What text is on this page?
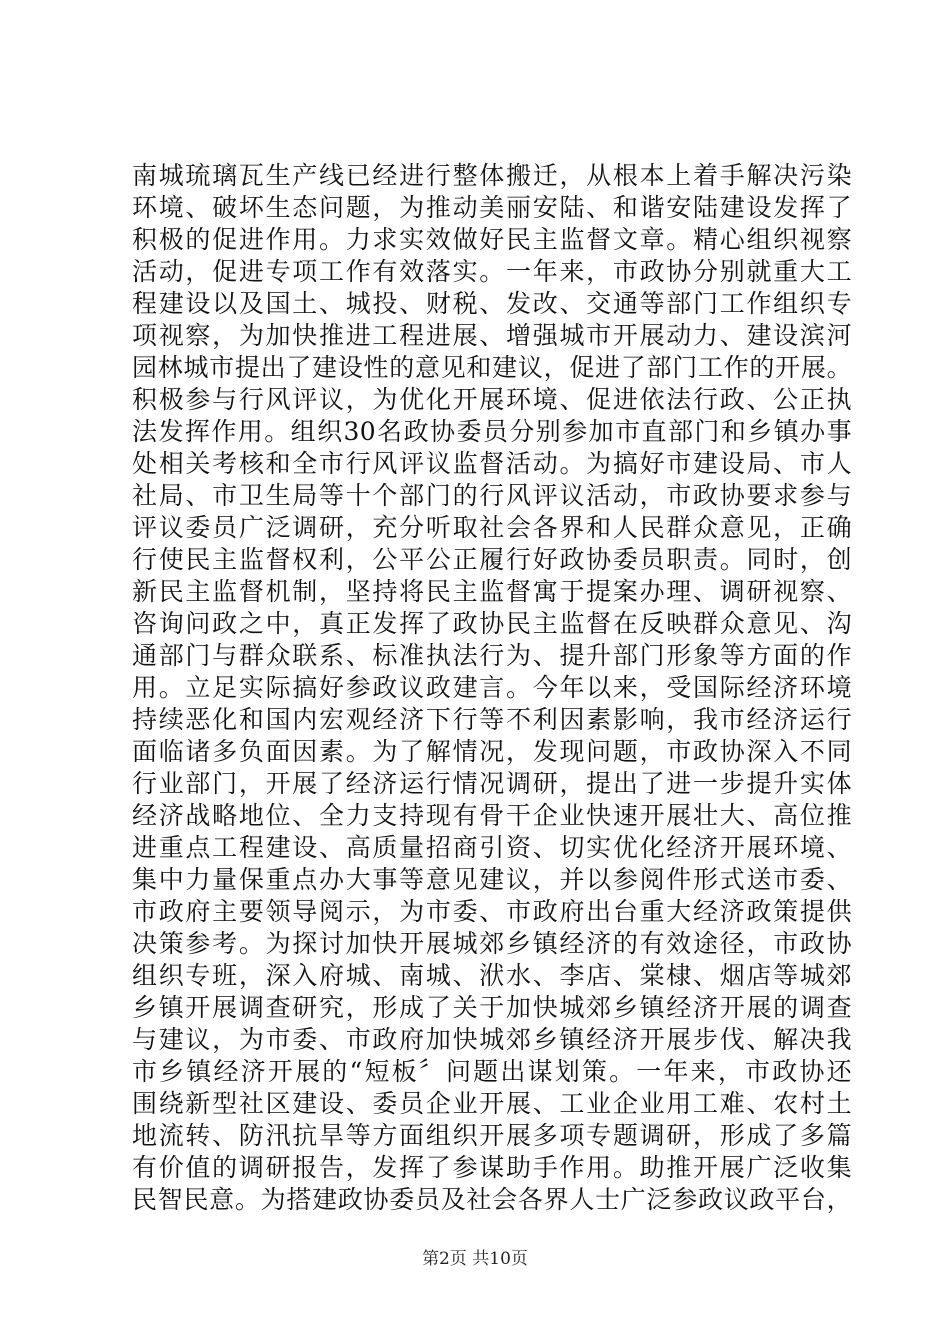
南城琉璃瓦生产线已经进行整体搬迁，从根本上着手解决污染
环境、破坏生态问题，为推动美丽安陆、和谐安陆建设发挥了
积极的促进作用。力求实效做好民主监督文章。精心组织视察
活动，促进专项工作有效落实。一年来，市政协分别就重大工
程建设以及国土、城投、财税、发改、交通等部门工作组织专
项视察，为加快推进工程进展、增强城市开展动力、建设滨河
园林城市提出了建设性的意见和建议，促进了部门工作的开展。
积极参与行风评议，为优化开展环境、促进依法行政、公正执
法发挥作用。组织30名政协委员分别参加市直部门和乡镇办事
处相关考核和全市行风评议监督活动。为搞好市建设局、市人
社局、市卫生局等十个部门的行风评议活动，市政协要求参与
评议委员广泛调研，充分听取社会各界和人民群众意见，正确
行使民主监督权利，公平公正履行好政协委员职责。同时，创
新民主监督机制，坚持将民主监督寓于提案办理、调研视察、
咨询问政之中，真正发挥了政协民主监督在反映群众意见、沟
通部门与群众联系、标准执法行为、提升部门形象等方面的作
用。立足实际搞好参政议政建言。今年以来，受国际经济环境
持续恶化和国内宏观经济下行等不利因素影响，我市经济运行
面临诸多负面因素。为了解情况，发现问题，市政协深入不同
行业部门，开展了经济运行情况调研，提出了进一步提升实体
经济战略地位、全力支持现有骨干企业快速开展壮大、高位推
进重点工程建设、高质量招商引资、切实优化经济开展环境、
集中力量保重点办大事等意见建议，并以参阅件形式送市委、
市政府主要领导阅示，为市委、市政府出台重大经济政策提供
决策参考。为探讨加快开展城郊乡镇经济的有效途径，市政协
组织专班，深入府城、南城、洑水、李店、棠棣、烟店等城郊
乡镇开展调查研究，形成了关于加快城郊乡镇经济开展的调查
与建议，为市委、市政府加快城郊乡镇经济开展步伐、解决我
市乡镇经济开展的“短板〞问题出谋划策。一年来，市政协还
围绕新型社区建设、委员企业开展、工业企业用工难、农村土
地流转、防汛抗旱等方面组织开展多项专题调研，形成了多篇
有价值的调研报告，发挥了参谋助手作用。助推开展广泛收集
民智民意。为搭建政协委员及社会各界人士广泛参政议政平台，
第2页 共10页
